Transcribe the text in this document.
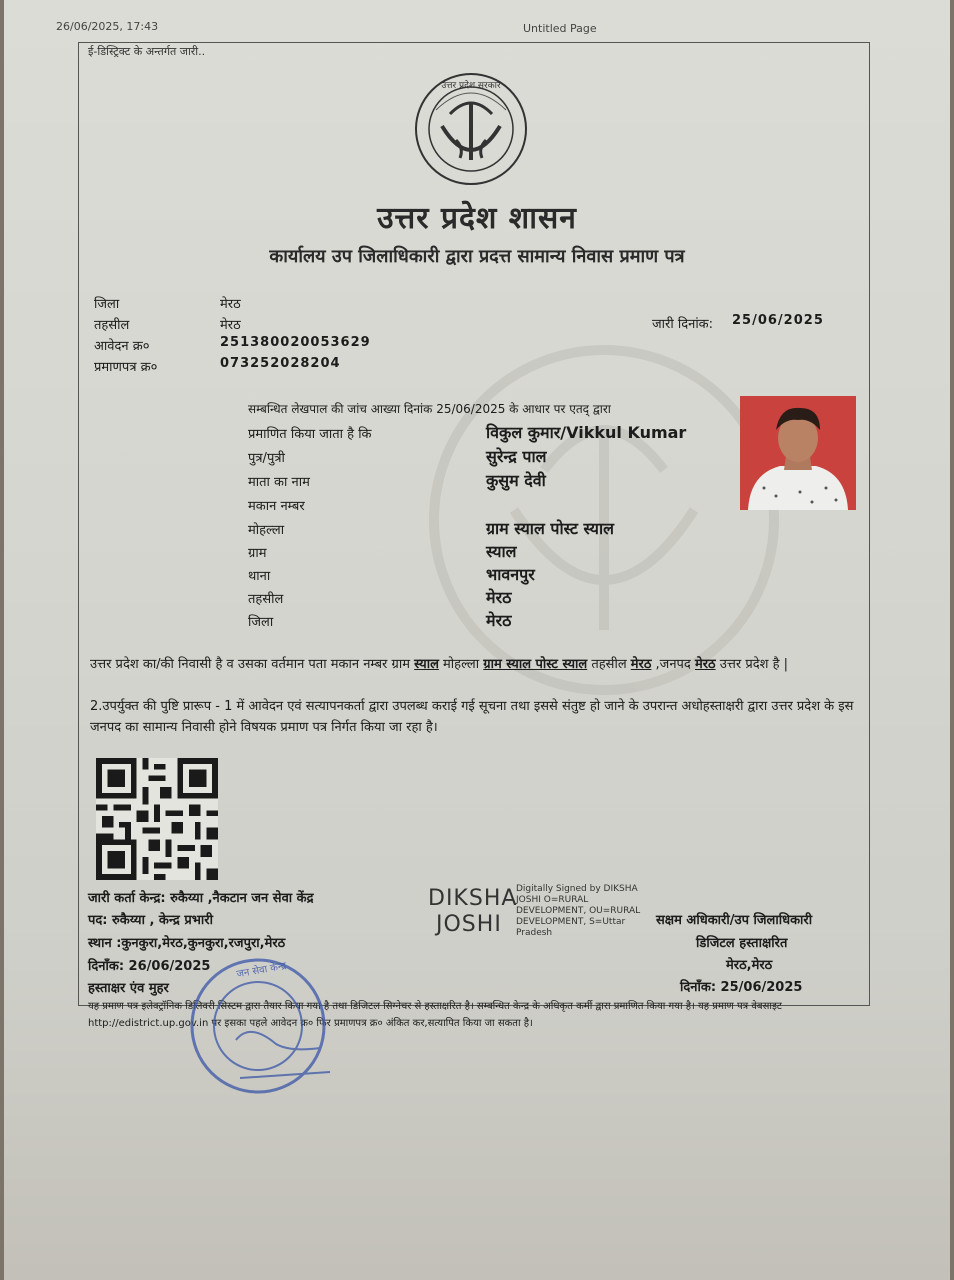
26/06/2025, 17:43	Untitled Page
ई-डिस्ट्रिक्ट के अन्तर्गत जारी..
उत्तर प्रदेश सरकार
उत्तर प्रदेश शासन
कार्यालय उप जिलाधिकारी द्वारा प्रदत्त सामान्य निवास प्रमाण पत्र
जिला	मेरठ
तहसील	मेरठ
आवेदन क्र०	251380020053629
प्रमाणपत्र क्र०	073252028204
जारी दिनांक: 25/06/2025
सम्बन्धित लेखपाल की जांच आख्या दिनांक 25/06/2025 के आधार पर एतद् द्वारा
प्रमाणित किया जाता है कि	विकुल कुमार/Vikkul Kumar
पुत्र/पुत्री	सुरेन्द्र पाल
माता का नाम	कुसुम देवी
मकान नम्बर
मोहल्ला	ग्राम स्याल पोस्ट स्याल
ग्राम	स्याल
थाना	भावनपुर
तहसील	मेरठ
जिला	मेरठ
उत्तर प्रदेश का/की निवासी है व उसका वर्तमान पता मकान नम्बर ग्राम स्याल मोहल्ला ग्राम स्याल पोस्ट स्याल तहसील मेरठ ,जनपद मेरठ उत्तर प्रदेश है |
2.उपर्युक्त की पुष्टि प्रारूप - 1 में आवेदन एवं सत्यापनकर्ता द्वारा उपलब्ध कराई गई सूचना तथा इससे संतुष्ट हो जाने के उपरान्त अधोहस्ताक्षरी द्वारा उत्तर प्रदेश के इस जनपद का सामान्य निवासी होने विषयक प्रमाण पत्र निर्गत किया जा रहा है।
जारी कर्ता केन्द्र: रुकैय्या ,नैकटान जन सेवा केंद्र
पद: रुकैय्या , केन्द्र प्रभारी
स्थान :कुनकुरा,मेरठ,कुनकुरा,रजपुरा,मेरठ
दिनाँक: 26/06/2025
हस्ताक्षर एंव मुहर
DIKSHA
JOSHI
Digitally Signed by DIKSHA
JOSHI O=RURAL
DEVELOPMENT, OU=RURAL
DEVELOPMENT, S=Uttar
Pradesh
सक्षम अधिकारी/उप जिलाधिकारी
डिजिटल हस्ताक्षरित
मेरठ,मेरठ
दिनाँक: 25/06/2025
यह प्रमाण पत्र इलेक्ट्रॉनिक डिलिवरी सिस्टम द्वारा तैयार किया गया है तथा डिजिटल सिग्नेचर से हस्ताक्षरित है। सम्बन्धित केन्द्र के अधिकृत कर्मी द्वारा प्रमाणित किया गया है। यह प्रमाण पत्र वेबसाइट http://edistrict.up.gov.in पर इसका पहले आवेदन क्र० फिर प्रमाणपत्र क्र० अंकित कर,सत्यापित किया जा सकता है।
जन सेवा केन्द्र
